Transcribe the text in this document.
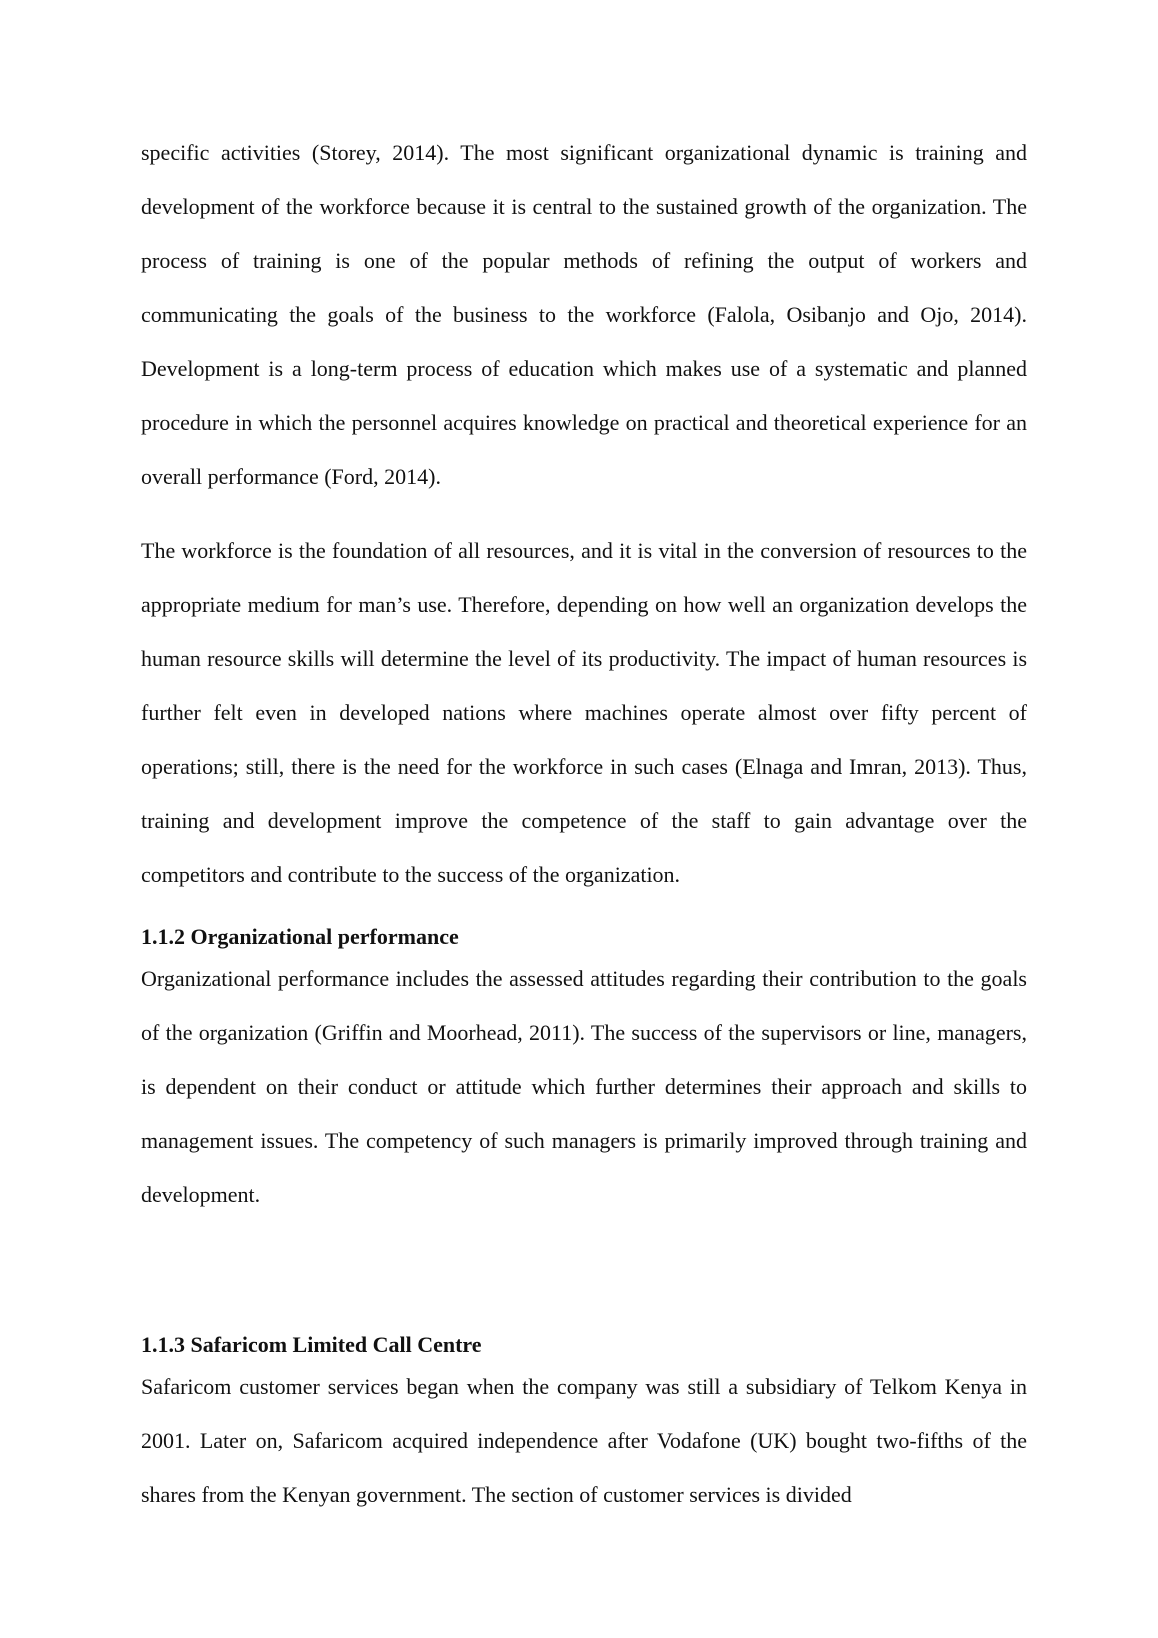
specific activities (Storey, 2014). The most significant organizational dynamic is training and development of the workforce because it is central to the sustained growth of the organization. The process of training is one of the popular methods of refining the output of workers and communicating the goals of the business to the workforce (Falola, Osibanjo and Ojo, 2014). Development is a long-term process of education which makes use of a systematic and planned procedure in which the personnel acquires knowledge on practical and theoretical experience for an overall performance (Ford, 2014).

The workforce is the foundation of all resources, and it is vital in the conversion of resources to the appropriate medium for man’s use. Therefore, depending on how well an organization develops the human resource skills will determine the level of its productivity. The impact of human resources is further felt even in developed nations where machines operate almost over fifty percent of operations; still, there is the need for the workforce in such cases (Elnaga and Imran, 2013). Thus, training and development improve the competence of the staff to gain advantage over the competitors and contribute to the success of the organization.

1.1.2 Organizational performance

Organizational performance includes the assessed attitudes regarding their contribution to the goals of the organization (Griffin and Moorhead, 2011). The success of the supervisors or line, managers, is dependent on their conduct or attitude which further determines their approach and skills to management issues. The competency of such managers is primarily improved through training and development.

1.1.3 Safaricom Limited Call Centre

Safaricom customer services began when the company was still a subsidiary of Telkom Kenya in 2001. Later on, Safaricom acquired independence after Vodafone (UK) bought two-fifths of the shares from the Kenyan government. The section of customer services is divided
